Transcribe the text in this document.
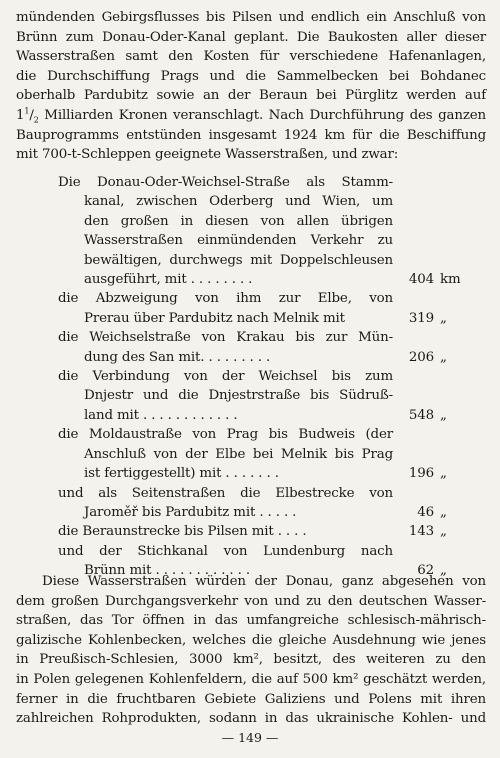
mündenden Gebirgsflusses bis Pilsen und endlich ein Anschluß von
Brünn zum Donau-Oder-Kanal geplant. Die Baukosten aller dieser
Wasserstraßen samt den Kosten für verschiedene Hafenanlagen,
die Durchschiffung Prags und die Sammelbecken bei Bohdanec
oberhalb Pardubitz sowie an der Beraun bei Pürglitz werden auf
$1^1/_2$ Milliarden Kronen veranschlagt. Nach Durchführung des ganzen
Bauprogramms entstünden insgesamt 1924 km für die Beschiffung
mit 700-t-Schleppen geeignete Wasserstraßen, und zwar:
Die Donau-Oder-Weichsel-Straße als Stamm-
kanal, zwischen Oderberg und Wien, um
den großen in diesen von allen übrigen
Wasserstraßen einmündenden Verkehr zu
bewältigen, durchwegs mit Doppelschleusen
ausgeführt, mit . . . . . . . .	404 km
die Abzweigung von ihm zur Elbe, von
Prerau über Pardubitz nach Melnik mit	319 „
die Weichselstraße von Krakau bis zur Mün-
dung des San mit. . . . . . . . .	206 „
die Verbindung von der Weichsel bis zum
Dnjestr und die Dnjestrstraße bis Südruß-
land mit . . . . . . . . . . . .	548 „
die Moldaustraße von Prag bis Budweis (der
Anschluß von der Elbe bei Melnik bis Prag
ist fertiggestellt) mit . . . . . . .	196 „
und als Seitenstraßen die Elbestrecke von
Jaroměř bis Pardubitz mit . . . . .	46 „
die Beraunstrecke bis Pilsen mit . . . .	143 „
und der Stichkanal von Lundenburg nach
Brünn mit . . . . . . . . . . . .	62 „
Diese Wasserstraßen würden der Donau, ganz abgesehen von
dem großen Durchgangsverkehr von und zu den deutschen Wasser-
straßen, das Tor öffnen in das umfangreiche schlesisch-mährisch-
galizische Kohlenbecken, welches die gleiche Ausdehnung wie jenes
in Preußisch-Schlesien, 3000 km², besitzt, des weiteren zu den
in Polen gelegenen Kohlenfeldern, die auf 500 km² geschätzt werden,
ferner in die fruchtbaren Gebiete Galiziens und Polens mit ihren
zahlreichen Rohprodukten, sodann in das ukrainische Kohlen- und
— 149 —
